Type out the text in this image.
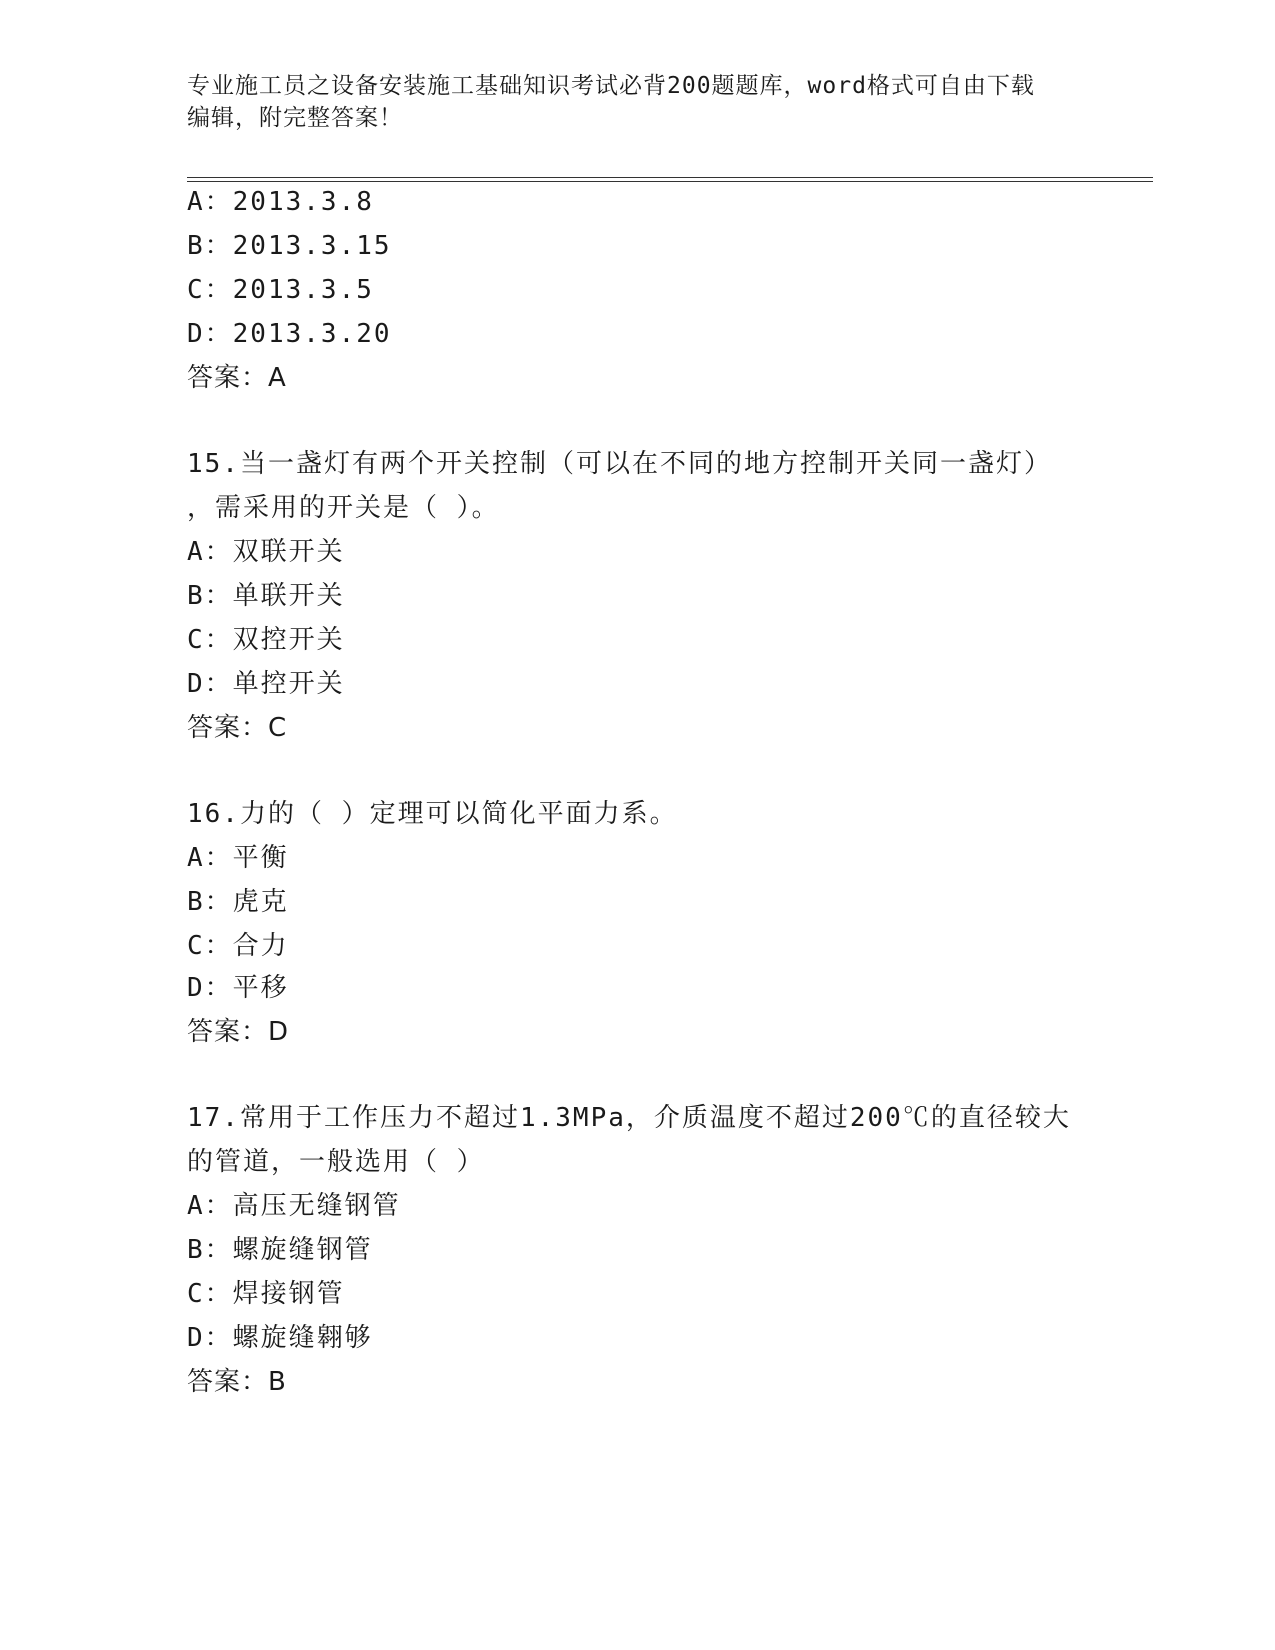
专业施工员之设备安装施工基础知识考试必背200题题库，word格式可自由下载
编辑，附完整答案！
A：2013.3.8
B：2013.3.15
C：2013.3.5
D：2013.3.20
答案：A
15.当一盏灯有两个开关控制（可以在不同的地方控制开关同一盏灯）
，需采用的开关是（ ）。
A：双联开关
B：单联开关
C：双控开关
D：单控开关
答案：C
16.力的（ ）定理可以简化平面力系。
A：平衡
B：虎克
C：合力
D：平移
答案：D
17.常用于工作压力不超过1.3MPa，介质温度不超过200℃的直径较大
的管道，一般选用（ ）
A：高压无缝钢管
B：螺旋缝钢管
C：焊接钢管
D：螺旋缝翱够
答案：B
